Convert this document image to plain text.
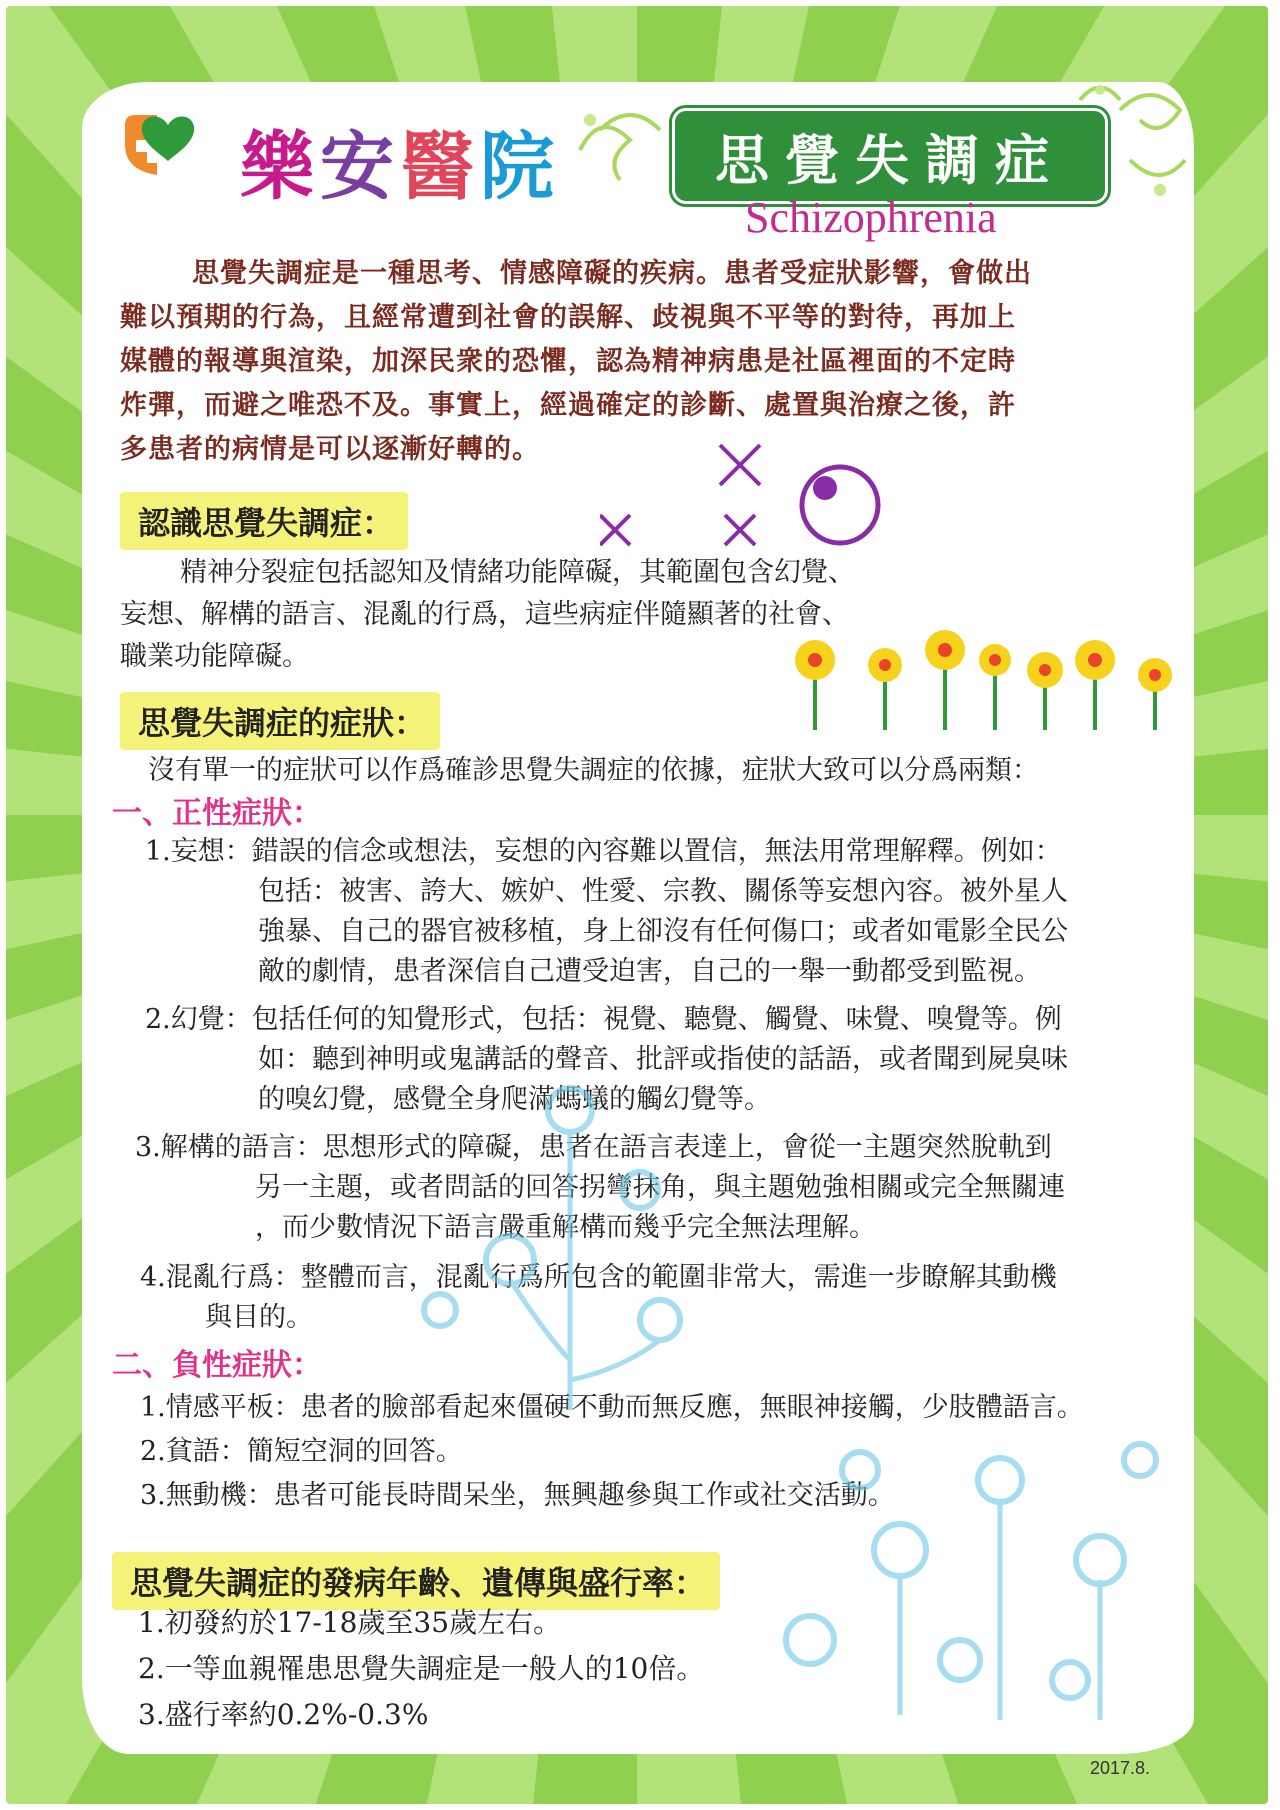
樂安醫院	思覺失調症
Schizophrenia
思覺失調症是一種思考、情感障礙的疾病。患者受症狀影響，會做出
難以預期的行為，且經常遭到社會的誤解、歧視與不平等的對待，再加上
媒體的報導與渲染，加深民衆的恐懼，認為精神病患是社區裡面的不定時
炸彈，而避之唯恐不及。事實上，經過確定的診斷、處置與治療之後，許
多患者的病情是可以逐漸好轉的。
認識思覺失調症：
精神分裂症包括認知及情緒功能障礙，其範圍包含幻覺、
妄想、解構的語言、混亂的行爲，這些病症伴隨顯著的社會、
職業功能障礙。
思覺失調症的症狀：
沒有單一的症狀可以作爲確診思覺失調症的依據，症狀大致可以分爲兩類：
一、正性症狀：
1.妄想：錯誤的信念或想法，妄想的內容難以置信，無法用常理解釋。例如：
包括：被害、誇大、嫉妒、性愛、宗教、關係等妄想內容。被外星人
強暴、自己的器官被移植，身上卻沒有任何傷口；或者如電影全民公
敵的劇情，患者深信自己遭受迫害，自己的一舉一動都受到監視。
2.幻覺：包括任何的知覺形式，包括：視覺、聽覺、觸覺、味覺、嗅覺等。例
如：聽到神明或鬼講話的聲音、批評或指使的話語，或者聞到屍臭味
的嗅幻覺，感覺全身爬滿螞蟻的觸幻覺等。
3.解構的語言：思想形式的障礙，患者在語言表達上，會從一主題突然脫軌到
另一主題，或者問話的回答拐彎抹角，與主題勉強相關或完全無關連
，而少數情況下語言嚴重解構而幾乎完全無法理解。
4.混亂行爲：整體而言，混亂行爲所包含的範圍非常大，需進一步瞭解其動機
與目的。
二、負性症狀：
1.情感平板：患者的臉部看起來僵硬不動而無反應，無眼神接觸，少肢體語言。
2.貧語：簡短空洞的回答。
3.無動機：患者可能長時間呆坐，無興趣參與工作或社交活動。
思覺失調症的發病年齡、遺傳與盛行率：
1.初發約於17-18歲至35歲左右。
2.一等血親罹患思覺失調症是一般人的10倍。
3.盛行率約0.2%-0.3%
2017.8.
